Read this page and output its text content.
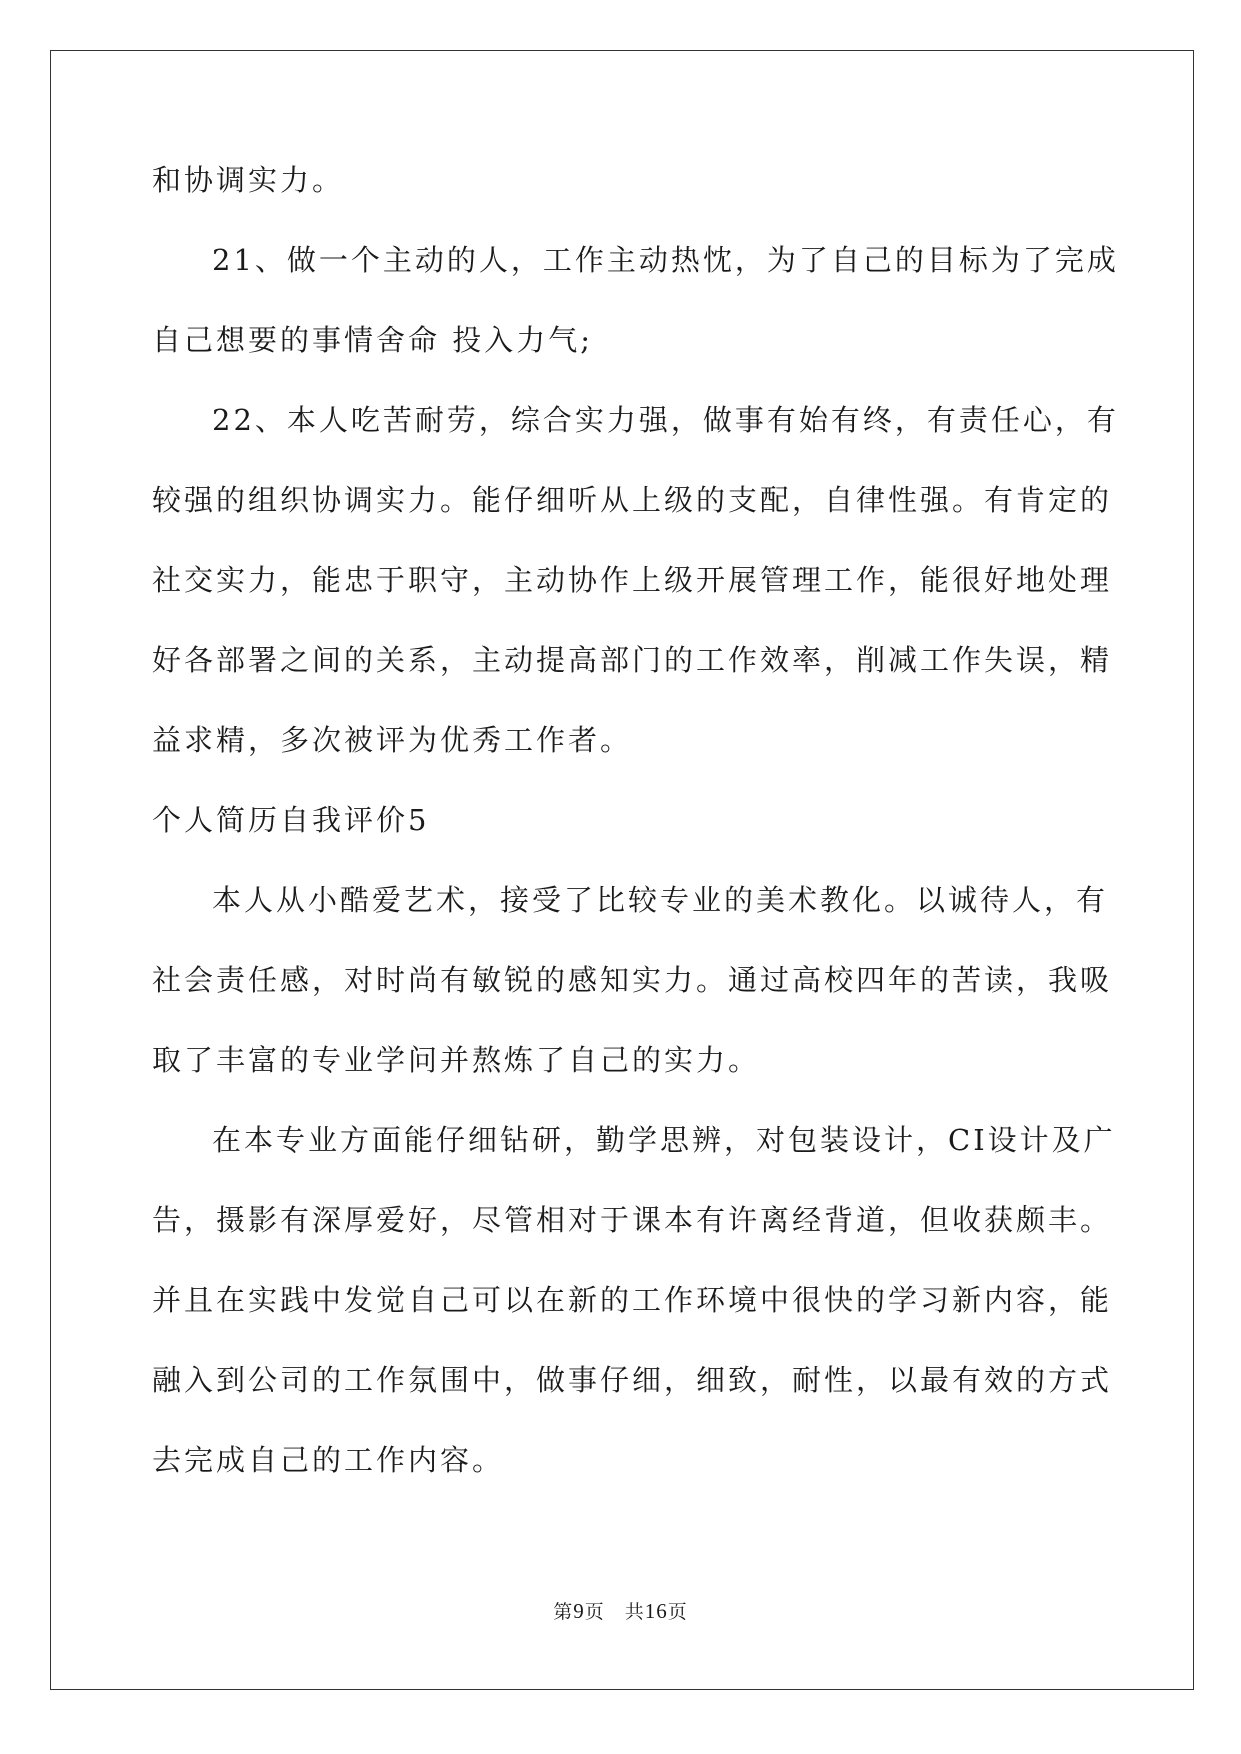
和协调实力。
21、做一个主动的人，工作主动热忱，为了自己的目标为了完成
自己想要的事情舍命 投入力气;
22、本人吃苦耐劳，综合实力强，做事有始有终，有责任心，有
较强的组织协调实力。能仔细听从上级的支配，自律性强。有肯定的
社交实力，能忠于职守，主动协作上级开展管理工作，能很好地处理
好各部署之间的关系，主动提高部门的工作效率，削减工作失误，精
益求精，多次被评为优秀工作者。
个人简历自我评价5
本人从小酷爱艺术，接受了比较专业的美术教化。以诚待人，有
社会责任感，对时尚有敏锐的感知实力。通过高校四年的苦读，我吸
取了丰富的专业学问并熬炼了自己的实力。
在本专业方面能仔细钻研，勤学思辨，对包装设计，CI设计及广
告，摄影有深厚爱好，尽管相对于课本有许离经背道，但收获颇丰。
并且在实践中发觉自己可以在新的工作环境中很快的学习新内容，能
融入到公司的工作氛围中，做事仔细，细致，耐性，以最有效的方式
去完成自己的工作内容。
第9页　共16页
